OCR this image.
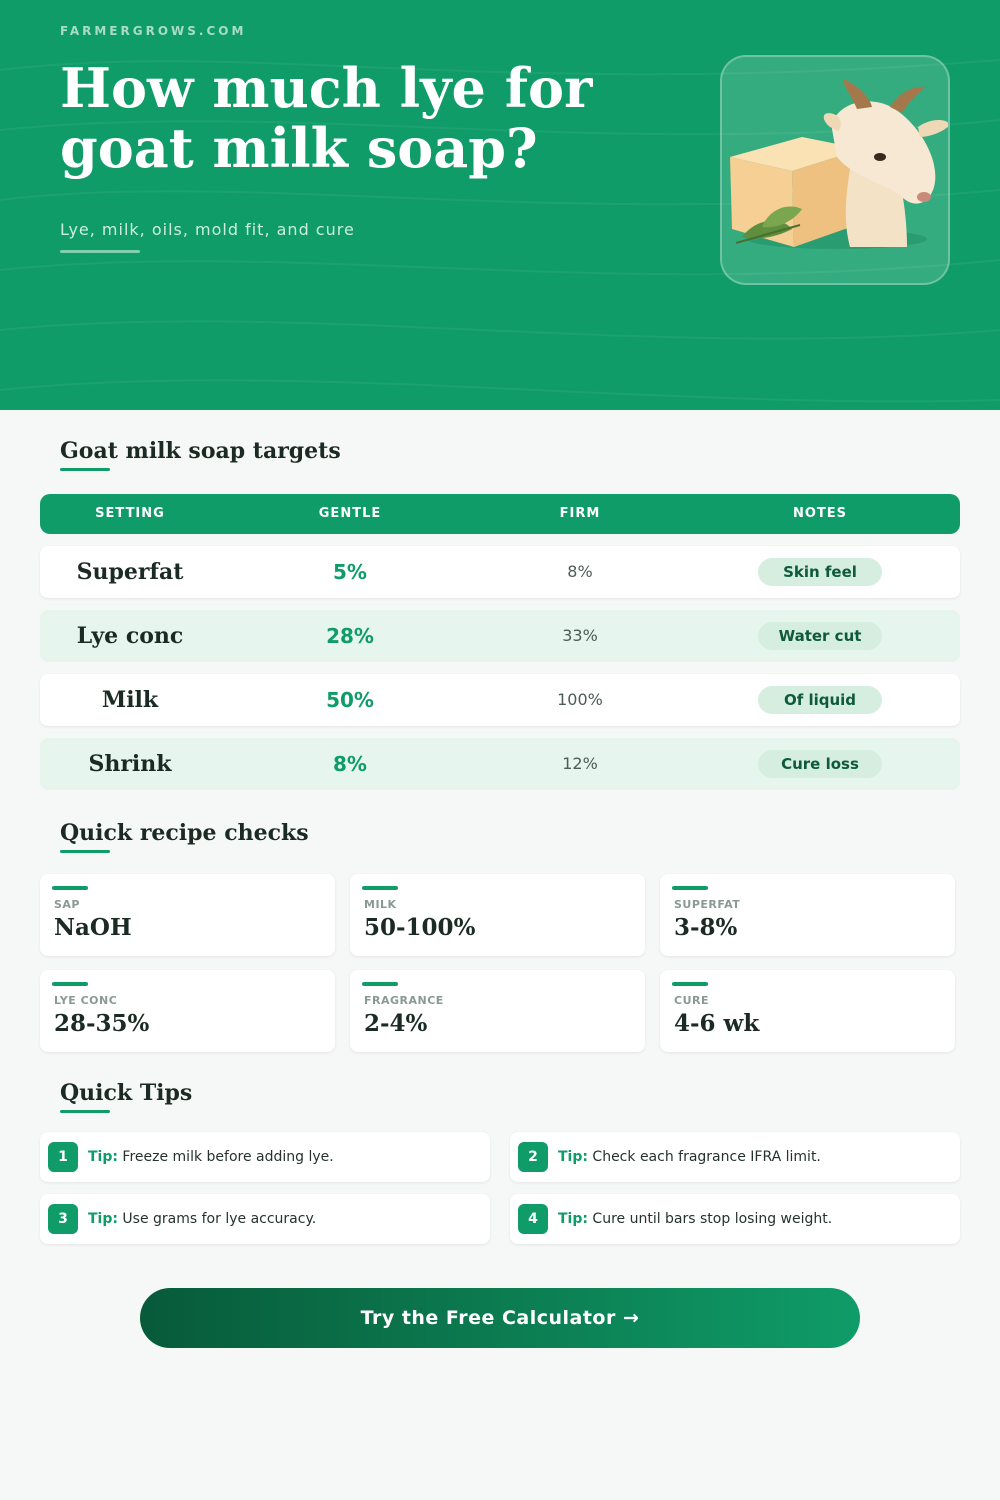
FARMERGROWS.COM
How much lye for goat milk soap?
Lye, milk, oils, mold fit, and cure
Goat milk soap targets
SETTING	GENTLE	FIRM	NOTES
Superfat	5%	8%	Skin feel
Lye conc	28%	33%	Water cut
Milk	50%	100%	Of liquid
Shrink	8%	12%	Cure loss
Quick recipe checks
SAP
NaOH
MILK
50-100%
SUPERFAT
3-8%
LYE CONC
28-35%
FRAGRANCE
2-4%
CURE
4-6 wk
Quick Tips
1	Tip: Freeze milk before adding lye.	2	Tip: Check each fragrance IFRA limit.
3	Tip: Use grams for lye accuracy.	4	Tip: Cure until bars stop losing weight.
Try the Free Calculator →
